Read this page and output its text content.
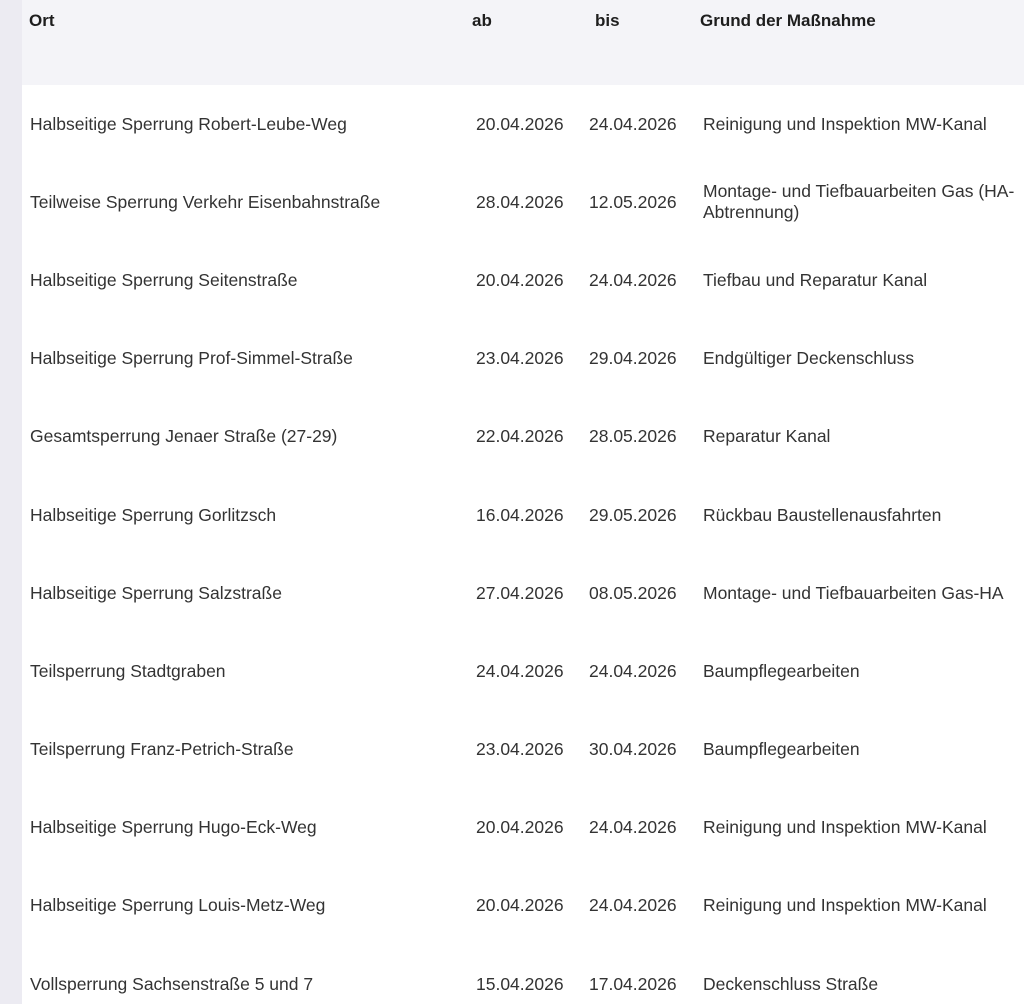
Ort	ab	bis	Grund der Maßnahme
Halbseitige Sperrung Robert-Leube-Weg	20.04.2026	24.04.2026	Reinigung und Inspektion MW-Kanal
Teilweise Sperrung Verkehr Eisenbahnstraße	28.04.2026	12.05.2026	Montage- und Tiefbauarbeiten Gas (HA-Abtrennung)
Halbseitige Sperrung Seitenstraße	20.04.2026	24.04.2026	Tiefbau und Reparatur Kanal
Halbseitige Sperrung Prof-Simmel-Straße	23.04.2026	29.04.2026	Endgültiger Deckenschluss
Gesamtsperrung Jenaer Straße (27-29)	22.04.2026	28.05.2026	Reparatur Kanal
Halbseitige Sperrung Gorlitzsch	16.04.2026	29.05.2026	Rückbau Baustellenausfahrten
Halbseitige Sperrung Salzstraße	27.04.2026	08.05.2026	Montage- und Tiefbauarbeiten Gas-HA
Teilsperrung Stadtgraben	24.04.2026	24.04.2026	Baumpflegearbeiten
Teilsperrung Franz-Petrich-Straße	23.04.2026	30.04.2026	Baumpflegearbeiten
Halbseitige Sperrung Hugo-Eck-Weg	20.04.2026	24.04.2026	Reinigung und Inspektion MW-Kanal
Halbseitige Sperrung Louis-Metz-Weg	20.04.2026	24.04.2026	Reinigung und Inspektion MW-Kanal
Vollsperrung Sachsenstraße 5 und 7	15.04.2026	17.04.2026	Deckenschluss Straße
